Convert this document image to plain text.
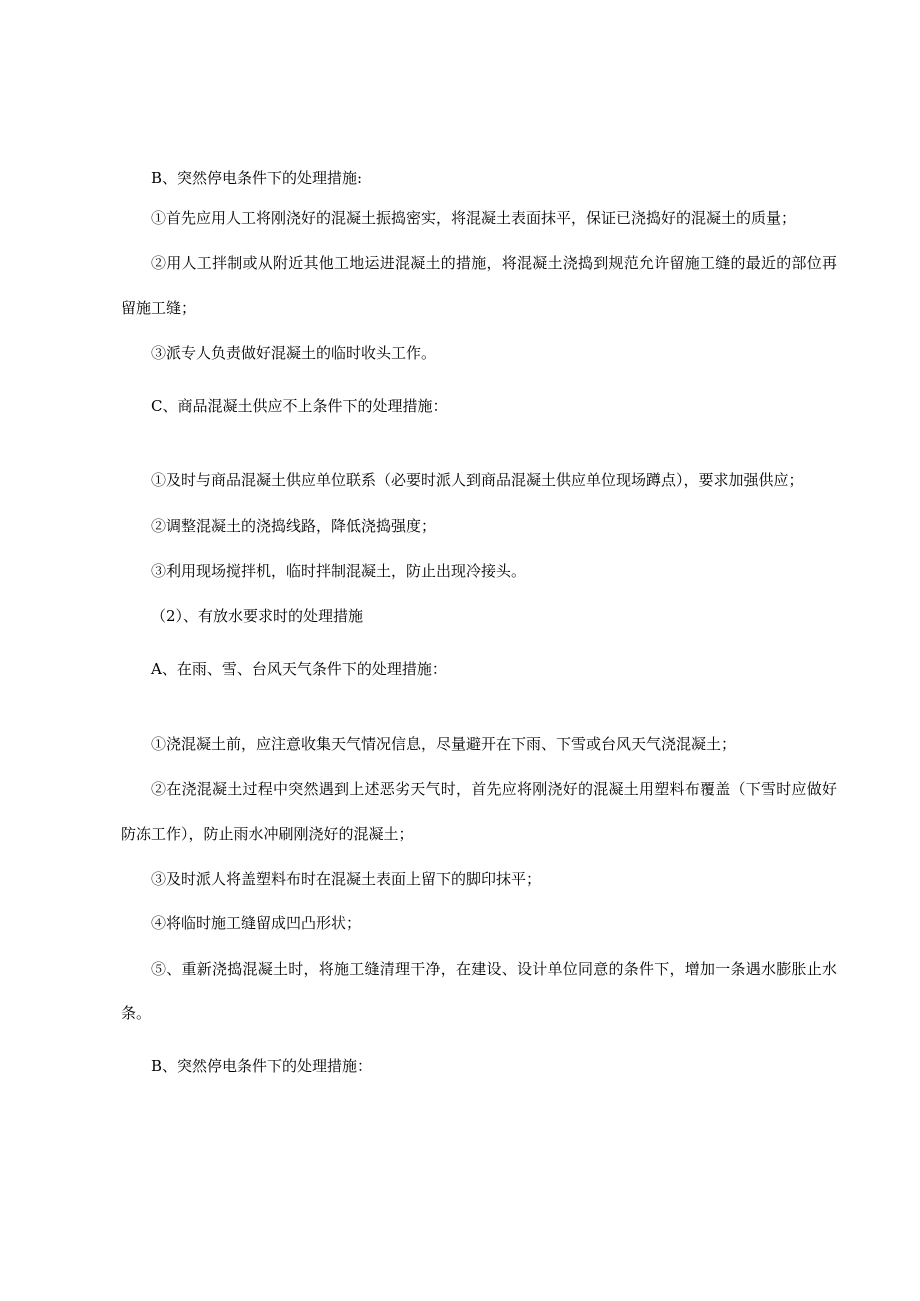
B、突然停电条件下的处理措施:
①首先应用人工将刚浇好的混凝土振捣密实，将混凝土表面抹平，保证已浇捣好的混凝土的质量；
②用人工拌制或从附近其他工地运进混凝土的措施，将混凝土浇捣到规范允许留施工缝的最近的部位再
留施工缝；
③派专人负责做好混凝土的临时收头工作。
C、商品混凝土供应不上条件下的处理措施：
①及时与商品混凝土供应单位联系（必要时派人到商品混凝土供应单位现场蹲点），要求加强供应；
②调整混凝土的浇捣线路，降低浇捣强度；
③利用现场搅拌机，临时拌制混凝土，防止出现冷接头。
（2）、有放水要求时的处理措施
A、在雨、雪、台风天气条件下的处理措施：
①浇混凝土前，应注意收集天气情况信息，尽量避开在下雨、下雪或台风天气浇混凝土；
②在浇混凝土过程中突然遇到上述恶劣天气时，首先应将刚浇好的混凝土用塑料布覆盖（下雪时应做好
防冻工作），防止雨水冲刷刚浇好的混凝土；
③及时派人将盖塑料布时在混凝土表面上留下的脚印抹平；
④将临时施工缝留成凹凸形状；
⑤、重新浇捣混凝土时，将施工缝清理干净，在建设、设计单位同意的条件下，增加一条遇水膨胀止水
条。
B、突然停电条件下的处理措施：
